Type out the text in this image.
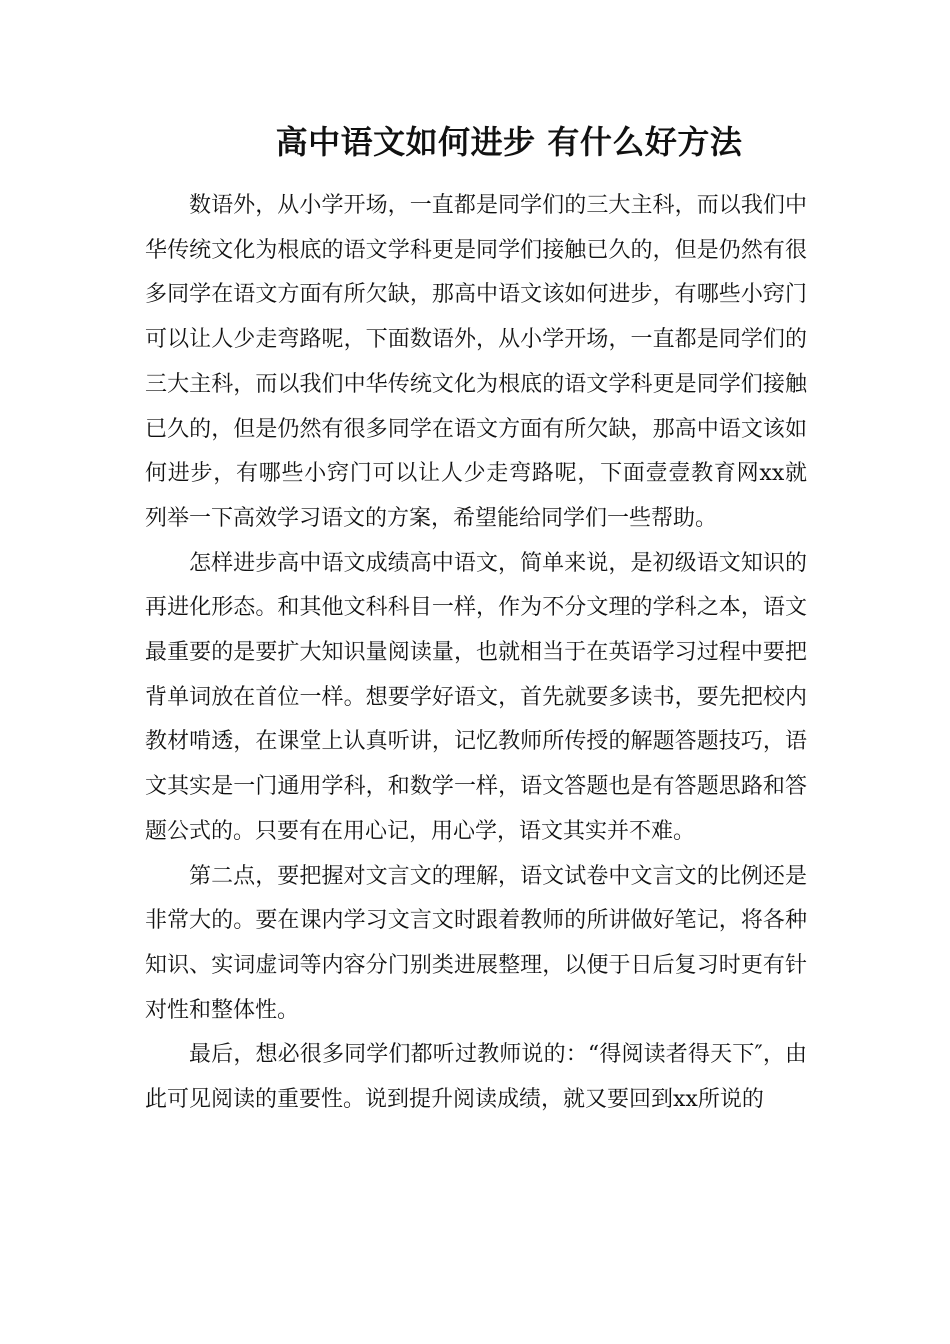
高中语文如何进步 有什么好方法

数语外，从小学开场，一直都是同学们的三大主科，而以我们中华传统文化为根底的语文学科更是同学们接触已久的，但是仍然有很多同学在语文方面有所欠缺，那高中语文该如何进步，有哪些小窍门可以让人少走弯路呢，下面数语外，从小学开场，一直都是同学们的三大主科，而以我们中华传统文化为根底的语文学科更是同学们接触已久的，但是仍然有很多同学在语文方面有所欠缺，那高中语文该如何进步，有哪些小窍门可以让人少走弯路呢，下面壹壹教育网xx就列举一下高效学习语文的方案，希望能给同学们一些帮助。

怎样进步高中语文成绩高中语文，简单来说，是初级语文知识的再进化形态。和其他文科科目一样，作为不分文理的学科之本，语文最重要的是要扩大知识量阅读量，也就相当于在英语学习过程中要把背单词放在首位一样。想要学好语文，首先就要多读书，要先把校内教材啃透，在课堂上认真听讲，记忆教师所传授的解题答题技巧，语文其实是一门通用学科，和数学一样，语文答题也是有答题思路和答题公式的。只要有在用心记，用心学，语文其实并不难。

第二点，要把握对文言文的理解，语文试卷中文言文的比例还是非常大的。要在课内学习文言文时跟着教师的所讲做好笔记，将各种知识、实词虚词等内容分门别类进展整理，以便于日后复习时更有针对性和整体性。

最后，想必很多同学们都听过教师说的：“得阅读者得天下″，由此可见阅读的重要性。说到提升阅读成绩，就又要回到xx所说的
